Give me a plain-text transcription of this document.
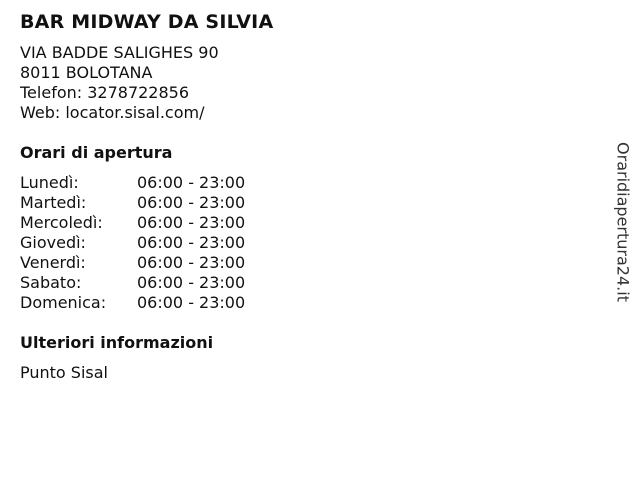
BAR MIDWAY DA SILVIA
VIA BADDE SALIGHES 90
8011 BOLOTANA
Telefon: 3278722856
Web: locator.sisal.com/
Orari di apertura
Lunedì:	06:00 - 23:00
Martedì:	06:00 - 23:00
Mercoledì:	06:00 - 23:00
Giovedì:	06:00 - 23:00
Venerdì:	06:00 - 23:00
Sabato:	06:00 - 23:00
Domenica:	06:00 - 23:00
Ulteriori informazioni
Punto Sisal
Oraridiapertura24.it
